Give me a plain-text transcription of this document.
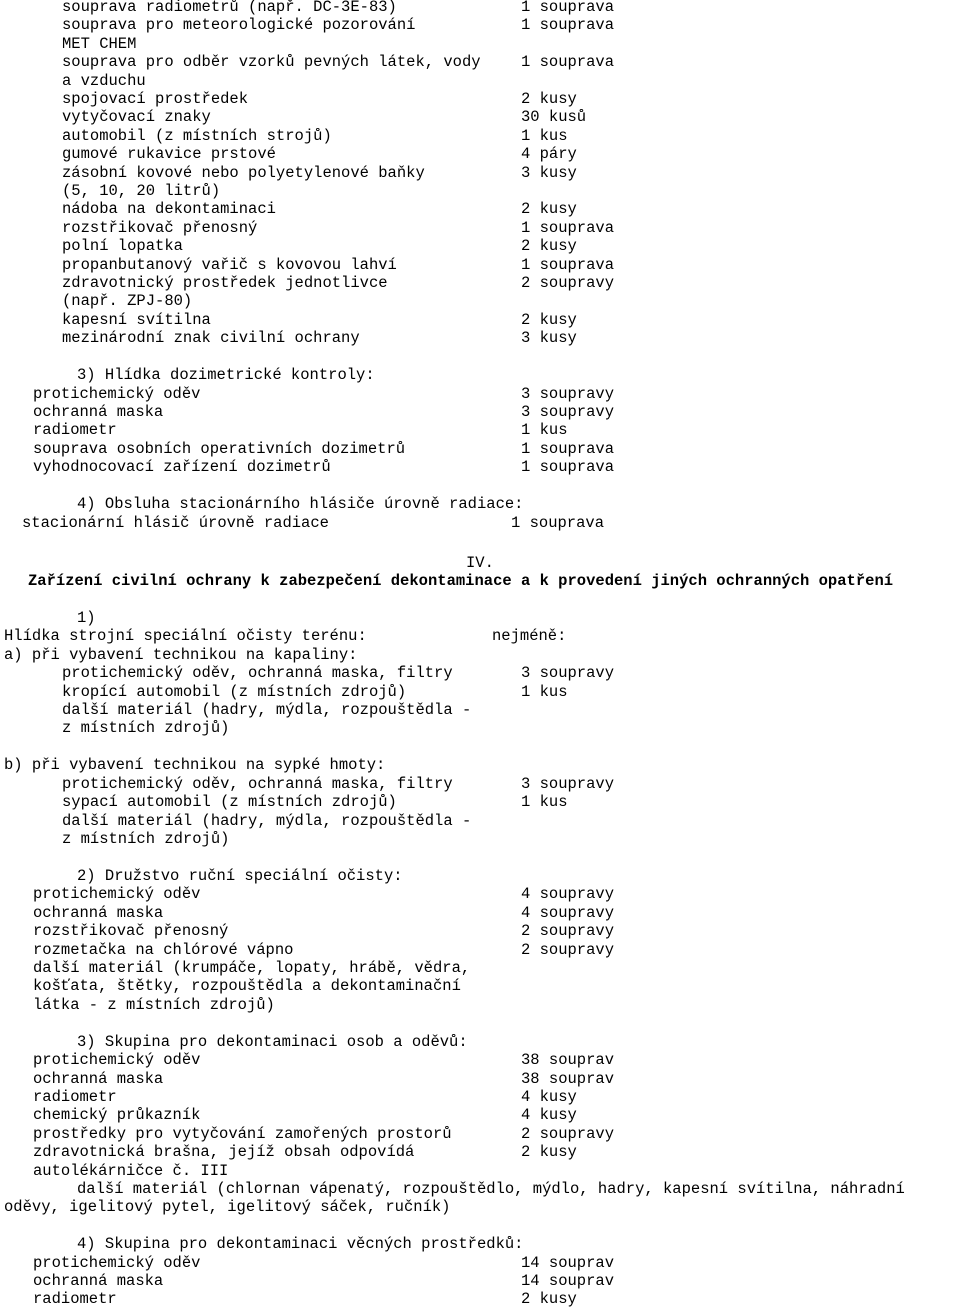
souprava radiometrů (např. DC-3E-83)	1 souprava
souprava pro meteorologické pozorování	1 souprava
MET CHEM
souprava pro odběr vzorků pevných látek, vody	1 souprava
a vzduchu
spojovací prostředek	2 kusy
vytyčovací znaky	30 kusů
automobil (z místních strojů)	1 kus
gumové rukavice prstové	4 páry
zásobní kovové nebo polyetylenové baňky	3 kusy
(5, 10, 20 litrů)
nádoba na dekontaminaci	2 kusy
rozstřikovač přenosný	1 souprava
polní lopatka	2 kusy
propanbutanový vařič s kovovou lahví	1 souprava
zdravotnický prostředek jednotlivce	2 soupravy
(např. ZPJ-80)
kapesní svítilna	2 kusy
mezinárodní znak civilní ochrany	3 kusy
3) Hlídka dozimetrické kontroly:
protichemický oděv	3 soupravy
ochranná maska	3 soupravy
radiometr	1 kus
souprava osobních operativních dozimetrů	1 souprava
vyhodnocovací zařízení dozimetrů	1 souprava
4) Obsluha stacionárního hlásiče úrovně radiace:
stacionární hlásič úrovně radiace	1 souprava
IV.
Zařízení civilní ochrany k zabezpečení dekontaminace a k provedení jiných ochranných opatření
1)
Hlídka strojní speciální očisty terénu:	nejméně:
a) při vybavení technikou na kapaliny:
protichemický oděv, ochranná maska, filtry	3 soupravy
kropící automobil (z místních zdrojů)	1 kus
další materiál (hadry, mýdla, rozpouštědla -
z místních zdrojů)
b) při vybavení technikou na sypké hmoty:
protichemický oděv, ochranná maska, filtry	3 soupravy
sypací automobil (z místních zdrojů)	1 kus
další materiál (hadry, mýdla, rozpouštědla -
z místních zdrojů)
2) Družstvo ruční speciální očisty:
protichemický oděv	4 soupravy
ochranná maska	4 soupravy
rozstřikovač přenosný	2 soupravy
rozmetačka na chlórové vápno	2 soupravy
další materiál (krumpáče, lopaty, hrábě, vědra,
košťata, štětky, rozpouštědla a dekontaminační
látka - z místních zdrojů)
3) Skupina pro dekontaminaci osob a oděvů:
protichemický oděv	38 souprav
ochranná maska	38 souprav
radiometr	4 kusy
chemický průkazník	4 kusy
prostředky pro vytyčování zamořených prostorů	2 soupravy
zdravotnická brašna, jejíž obsah odpovídá	2 kusy
autolékárničce č. III
další materiál (chlornan vápenatý, rozpouštědlo, mýdlo, hadry, kapesní svítilna, náhradní
oděvy, igelitový pytel, igelitový sáček, ručník)
4) Skupina pro dekontaminaci věcných prostředků:
protichemický oděv	14 souprav
ochranná maska	14 souprav
radiometr	2 kusy
